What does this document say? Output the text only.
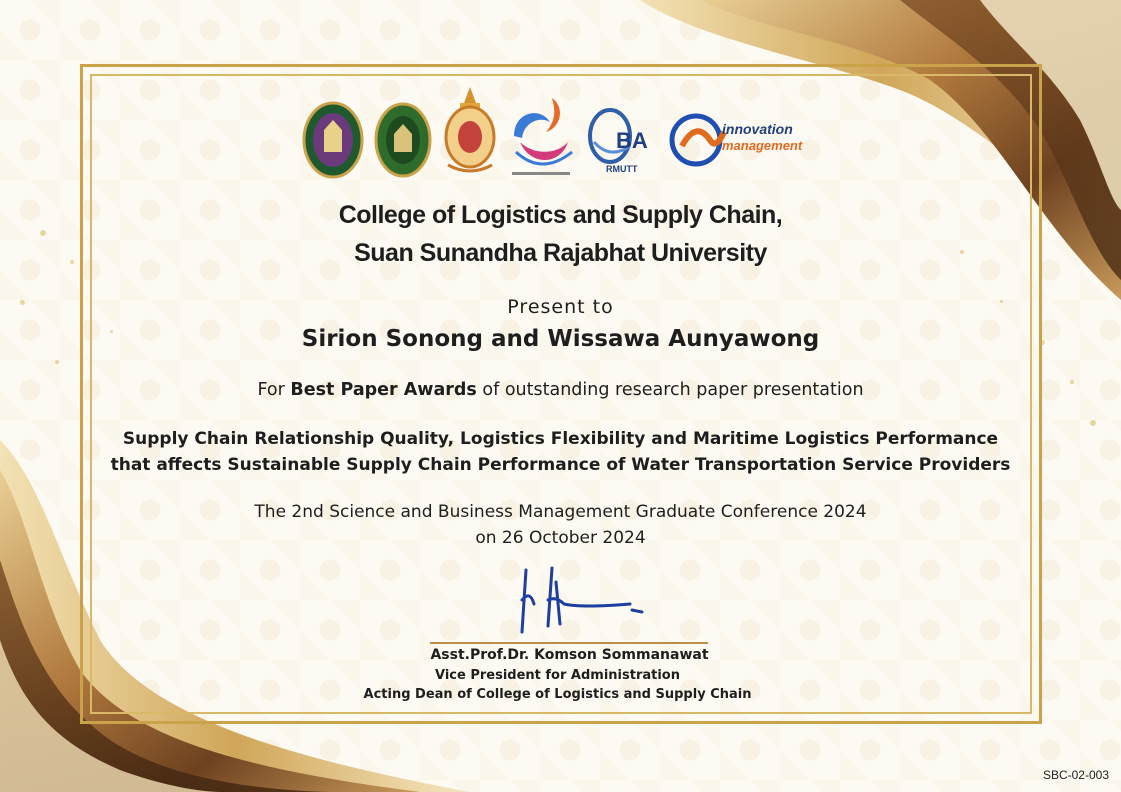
BA
RMUTT
innovation
management
College of Logistics and Supply Chain,
Suan Sunandha Rajabhat University
Present to
Sirion Sonong and Wissawa Aunyawong
For Best Paper Awards of outstanding research paper presentation
Supply Chain Relationship Quality, Logistics Flexibility and Maritime Logistics Performance
that affects Sustainable Supply Chain Performance of Water Transportation Service Providers
The 2nd Science and Business Management Graduate Conference 2024
on 26 October 2024
Asst.Prof.Dr. Komson Sommanawat
Vice President for Administration
Acting Dean of College of Logistics and Supply Chain
SBC-02-003
